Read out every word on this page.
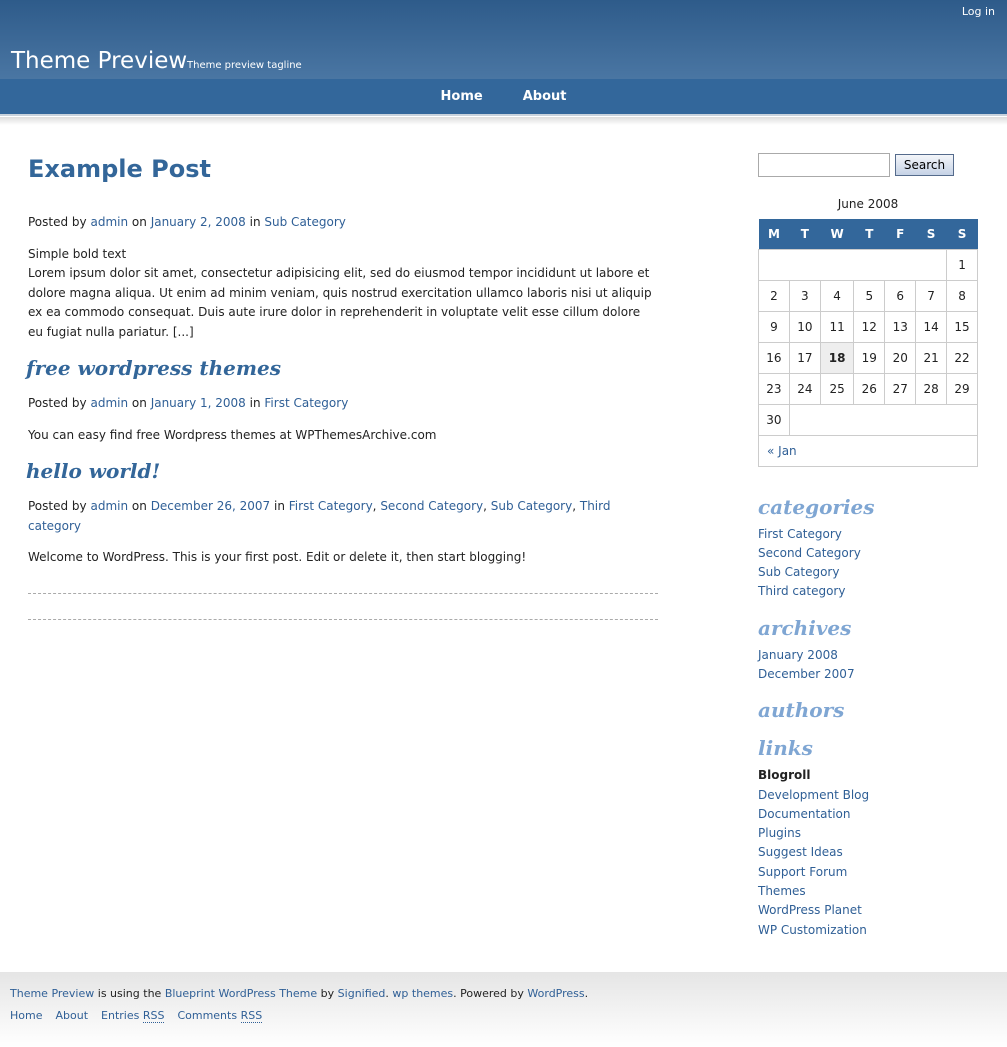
Log in
Theme Preview Theme preview tagline
Home	About
Example Post
Posted by admin on January 2, 2008 in Sub Category
Simple bold text
Lorem ipsum dolor sit amet, consectetur adipisicing elit, sed do eiusmod tempor incididunt ut labore et dolore magna aliqua. Ut enim ad minim veniam, quis nostrud exercitation ullamco laboris nisi ut aliquip ex ea commodo consequat. Duis aute irure dolor in reprehenderit in voluptate velit esse cillum dolore eu fugiat nulla pariatur. [...]
free wordpress themes
Posted by admin on January 1, 2008 in First Category
You can easy find free Wordpress themes at WPThemesArchive.com
hello world!
Posted by admin on December 26, 2007 in First Category, Second Category, Sub Category, Third category
Welcome to WordPress. This is your first post. Edit or delete it, then start blogging!
Search
June 2008
M	T	W	T	F	S	S
						1
2	3	4	5	6	7	8
9	10	11	12	13	14	15
16	17	18	19	20	21	22
23	24	25	26	27	28	29
30						
« Jan						
categories
First Category
Second Category
Sub Category
Third category
archives
January 2008
December 2007
authors
links
Blogroll
Development Blog
Documentation
Plugins
Suggest Ideas
Support Forum
Themes
WordPress Planet
WP Customization
Theme Preview is using the Blueprint WordPress Theme by Signified. wp themes. Powered by WordPress.
Home About Entries RSS Comments RSS
